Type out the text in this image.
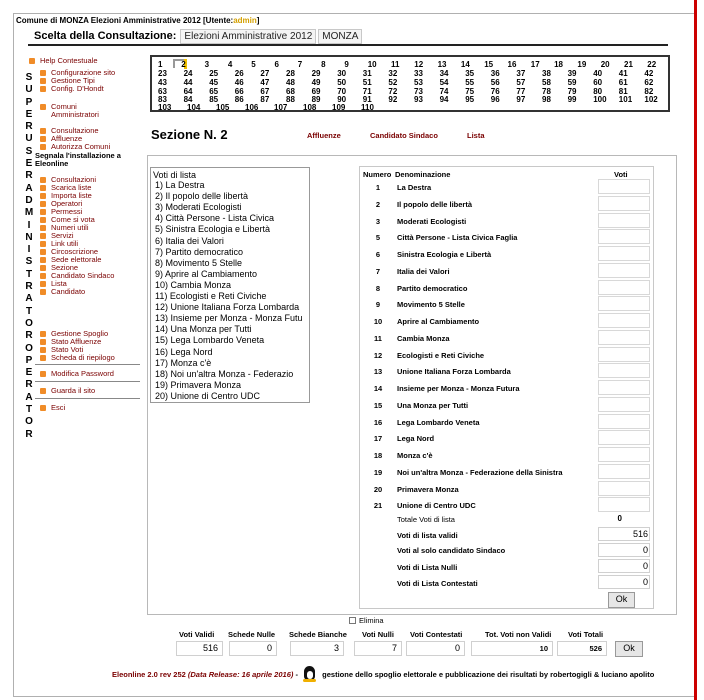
Comune di MONZA Elezioni Amministrative 2012 [Utente:admin]
Scelta della Consultazione: Elezioni Amministrative 2012	MONZA
S
U
P
E
R
U
S
E
R
A
D
M
I
N
I
S
T
R
A
T
O
R
O
P
E
R
A
T
O
R
Help Contestuale
Configurazione sito
Gestione Tipi
Config. D'Hondt
Comuni
Amministratori
Consultazione
Affluenze
Autorizza Comuni
Consultazioni
Scarica liste
Importa liste
Operatori
Permessi
Come si vota
Numeri utili
Servizi
Link utili
Circoscrizione
Sede elettorale
Sezione
Candidato Sindaco
Lista
Candidato
Gestione Spoglio
Stato Affluenze
Stato Voti
Scheda di riepilogo
Modifica Password
Guarda il sito
Esci
Segnala l'installazione a Eleonline
1 2 3 4 5 6 7 8 9 10 11 12 13 14 15 16 17 18 19 20 21 22
23 24 25 26 27 28 29 30 31 32 33 34 35 36 37 38 39 40 41 42
43 44 45 46 47 48 49 50 51 52 53 54 55 56 57 58 59 60 61 62
63 64 65 66 67 68 69 70 71 72 73 74 75 76 77 78 79 80 81 82
83 84 85 86 87 88 89 90 91 92 93 94 95 96 97 98 99 100 101 102
103 104 105 106 107 108 109 110
Sezione N. 2	Affluenze	Candidato Sindaco	Lista
Voti di lista
1) La Destra
2) Il popolo delle libertà
3) Moderati Ecologisti
4) Città Persone - Lista Civica
5) Sinistra Ecologia e Libertà
6) Italia dei Valori
7) Partito democratico
8) Movimento 5 Stelle
9) Aprire al Cambiamento
10) Cambia Monza
11) Ecologisti e Reti Civiche
12) Unione Italiana Forza Lombarda
13) Insieme per Monza - Monza Futu
14) Una Monza per Tutti
15) Lega Lombardo Veneta
16) Lega Nord
17) Monza c'è
18) Noi un'altra Monza - Federazio
19) Primavera Monza
20) Unione di Centro UDC
Numero Denominazione	Voti
1	La Destra
2	Il popolo delle libertà
3	Moderati Ecologisti
5	Città Persone - Lista Civica Faglia
6	Sinistra Ecologia e Libertà
7	Italia dei Valori
8	Partito democratico
9	Movimento 5 Stelle
10	Aprire al Cambiamento
11	Cambia Monza
12	Ecologisti e Reti Civiche
13	Unione Italiana Forza Lombarda
14	Insieme per Monza - Monza Futura
15	Una Monza per Tutti
16	Lega Lombardo Veneta
17	Lega Nord
18	Monza c'è
19	Noi un'altra Monza - Federazione della Sinistra
20	Primavera Monza
21	Unione di Centro UDC
Totale Voti di lista	0
Voti di lista validi	516
Voti al solo candidato Sindaco	0
Voti di Lista Nulli	0
Voti di Lista Contestati	0
Ok
Elimina
Voti Validi
516
Schede Nulle
0
Schede Bianche
3
Voti Nulli
7
Voti Contestati
0
Tot. Voti non Validi
10
Voti Totali
526	Ok
Eleonline 2.0 rev 252 (Data Release: 16 aprile 2016) -	gestione dello spoglio elettorale e pubblicazione dei risultati by robertogigli & luciano apolito
